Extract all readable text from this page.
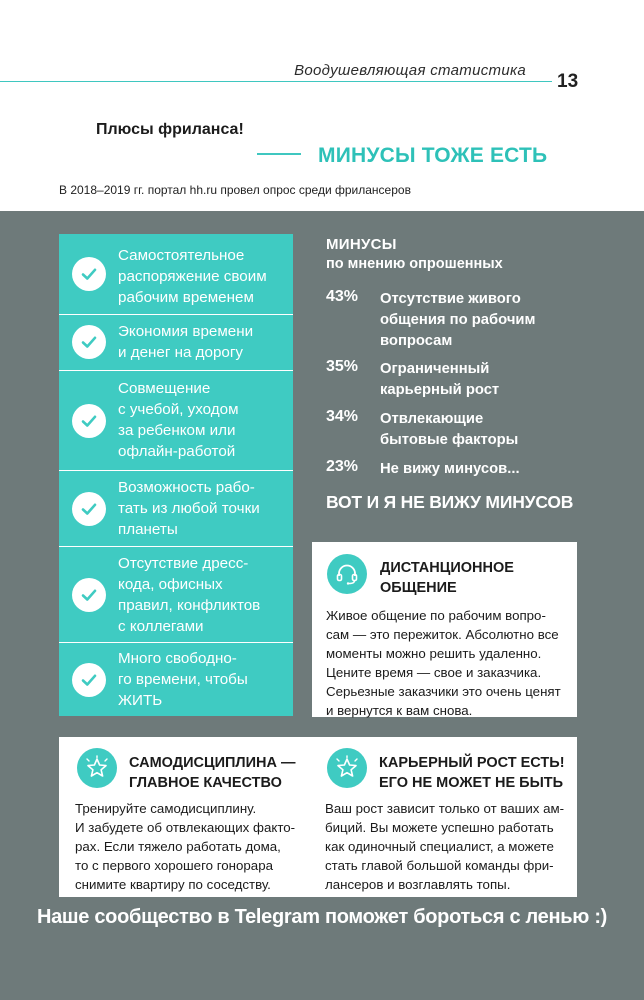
Воодушевляющая статистика
13
Плюсы фриланса!
МИНУСЫ ТОЖЕ ЕСТЬ
В 2018–2019 гг. портал hh.ru провел опрос среди фрилансеров
Самостоятельное
распоряжение своим
рабочим временем
Экономия времени
и денег на дорогу
Совмещение
с учебой, уходом
за ребенком или
офлайн-работой
Возможность рабо-
тать из любой точки
планеты
Отсутствие дресс-
кода, офисных
правил, конфликтов
с коллегами
Много свободно-
го времени, чтобы
ЖИТЬ
МИНУСЫ
по мнению опрошенных
43% Отсутствие живого
общения по рабочим
вопросам
35% Ограниченный
карьерный рост
34% Отвлекающие
бытовые факторы
23% Не вижу минусов...
ВОТ И Я НЕ ВИЖУ МИНУСОВ
ДИСТАНЦИОННОЕ
ОБЩЕНИЕ
Живое общение по рабочим вопро-
сам — это пережиток. Абсолютно все
моменты можно решить удаленно.
Цените время — свое и заказчика.
Серьезные заказчики это очень ценят
и вернутся к вам снова.
САМОДИСЦИПЛИНА —
ГЛАВНОЕ КАЧЕСТВО
Тренируйте самодисциплину.
И забудете об отвлекающих факто-
рах. Если тяжело работать дома,
то с первого хорошего гонорара
снимите квартиру по соседству.
КАРЬЕРНЫЙ РОСТ ЕСТЬ!
ЕГО НЕ МОЖЕТ НЕ БЫТЬ
Ваш рост зависит только от ваших ам-
биций. Вы можете успешно работать
как одиночный специалист, а можете
стать главой большой команды фри-
лансеров и возглавлять топы.
Наше сообщество в Telegram поможет бороться с ленью :)
